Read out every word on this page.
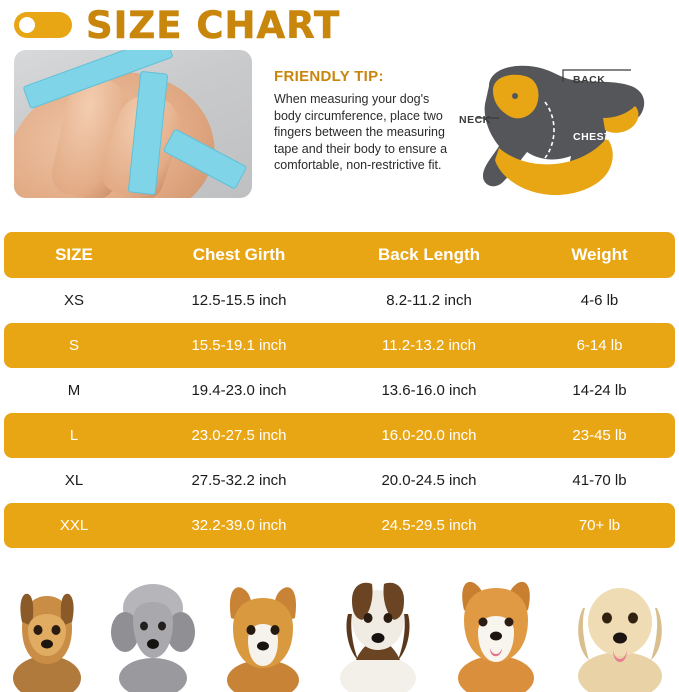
SIZE CHART
FRIENDLY TIP:
When measuring your dog's body circumference, place two fingers between the measuring tape and their body to ensure a comfortable, non-restrictive fit.
BACK
NECK
CHEST
SIZE	Chest Girth	Back Length	Weight
XS	12.5-15.5 inch	8.2-11.2 inch	4-6 lb
S	15.5-19.1 inch	11.2-13.2 inch	6-14 lb
M	19.4-23.0 inch	13.6-16.0 inch	14-24 lb
L	23.0-27.5 inch	16.0-20.0 inch	23-45 lb
XL	27.5-32.2 inch	20.0-24.5 inch	41-70 lb
XXL	32.2-39.0 inch	24.5-29.5 inch	70+ lb
